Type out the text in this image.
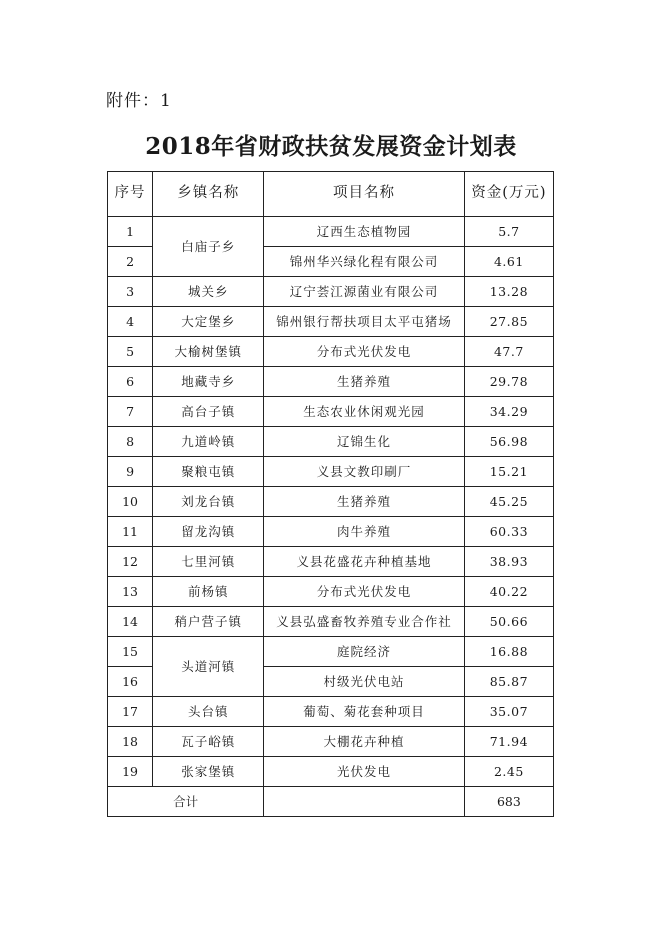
附件：1
2018年省财政扶贫发展资金计划表
序号	乡镇名称	项目名称	资金(万元)
1	白庙子乡	辽西生态植物园	5.7
2		锦州华兴绿化程有限公司	4.61
3	城关乡	辽宁荟江源菌业有限公司	13.28
4	大定堡乡	锦州银行帮扶项目太平屯猪场	27.85
5	大榆树堡镇	分布式光伏发电	47.7
6	地藏寺乡	生猪养殖	29.78
7	高台子镇	生态农业休闲观光园	34.29
8	九道岭镇	辽锦生化	56.98
9	聚粮屯镇	义县文教印刷厂	15.21
10	刘龙台镇	生猪养殖	45.25
11	留龙沟镇	肉牛养殖	60.33
12	七里河镇	义县花盛花卉种植基地	38.93
13	前杨镇	分布式光伏发电	40.22
14	稍户营子镇	义县弘盛畜牧养殖专业合作社	50.66
15	头道河镇	庭院经济	16.88
16		村级光伏电站	85.87
17	头台镇	葡萄、菊花套种项目	35.07
18	瓦子峪镇	大棚花卉种植	71.94
19	张家堡镇	光伏发电	2.45
合计			683
